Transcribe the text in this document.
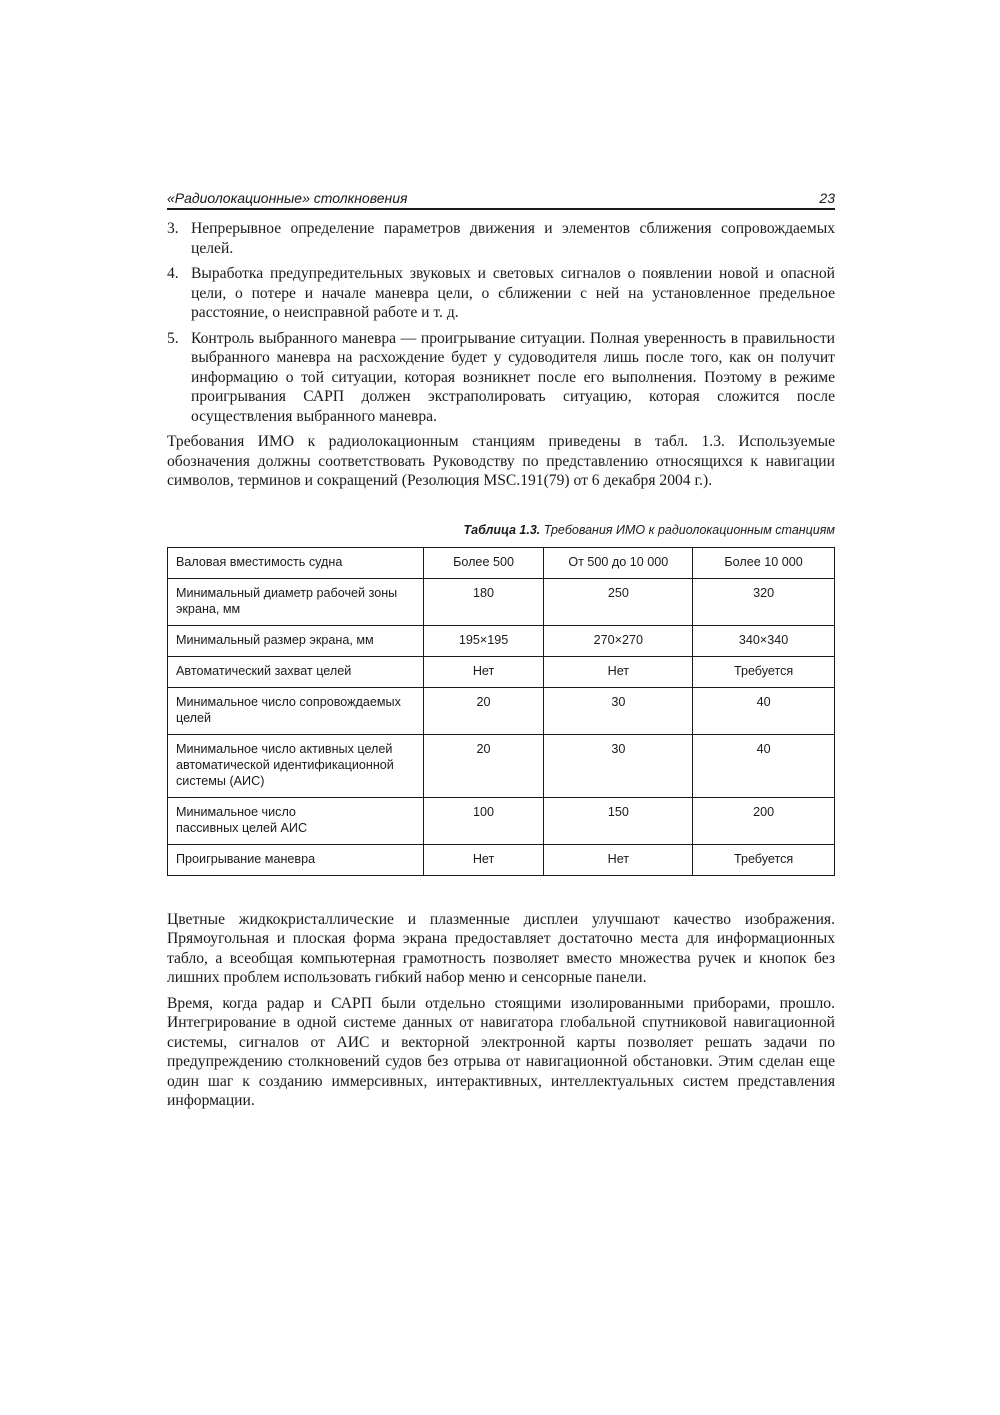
«Радиолокационные» столкновения	23
3. Непрерывное определение параметров движения и элементов сближения сопровождаемых целей.

4. Выработка предупредительных звуковых и световых сигналов о появлении новой и опасной цели, о потере и начале маневра цели, о сближении с ней на установленное предельное расстояние, о неисправной работе и т. д.

5. Контроль выбранного маневра — проигрывание ситуации. Полная уверенность в правильности выбранного маневра на расхождение будет у судоводителя лишь после того, как он получит информацию о той ситуации, которая возникнет после его выполнения. Поэтому в режиме проигрывания САРП должен экстраполировать ситуацию, которая сложится после осуществления выбранного маневра.

Требования ИМО к радиолокационным станциям приведены в табл. 1.3. Используемые обозначения должны соответствовать Руководству по представлению относящихся к навигации символов, терминов и сокращений (Резолюция MSC.191(79) от 6 декабря 2004 г.).

Таблица 1.3. Требования ИМО к радиолокационным станциям
Валовая вместимость судна	Более 500	От 500 до 10 000	Более 10 000
Минимальный диаметр рабочей зоны экрана, мм	180	250	320
Минимальный размер экрана, мм	195×195	270×270	340×340
Автоматический захват целей	Нет	Нет	Требуется
Минимальное число сопровождаемых целей	20	30	40
Минимальное число активных целей автоматической идентификационной системы (АИС)	20	30	40
Минимальное число
пассивных целей АИС	100	150	200
Проигрывание маневра	Нет	Нет	Требуется

Цветные жидкокристаллические и плазменные дисплеи улучшают качество изображения. Прямоугольная и плоская форма экрана предоставляет достаточно места для информационных табло, а всеобщая компьютерная грамотность позволяет вместо множества ручек и кнопок без лишних проблем использовать гибкий набор меню и сенсорные панели.

Время, когда радар и САРП были отдельно стоящими изолированными приборами, прошло. Интегрирование в одной системе данных от навигатора глобальной спутниковой навигационной системы, сигналов от АИС и векторной электронной карты позволяет решать задачи по предупреждению столкновений судов без отрыва от навигационной обстановки. Этим сделан еще один шаг к созданию иммерсивных, интерактивных, интеллектуальных систем представления информации.
